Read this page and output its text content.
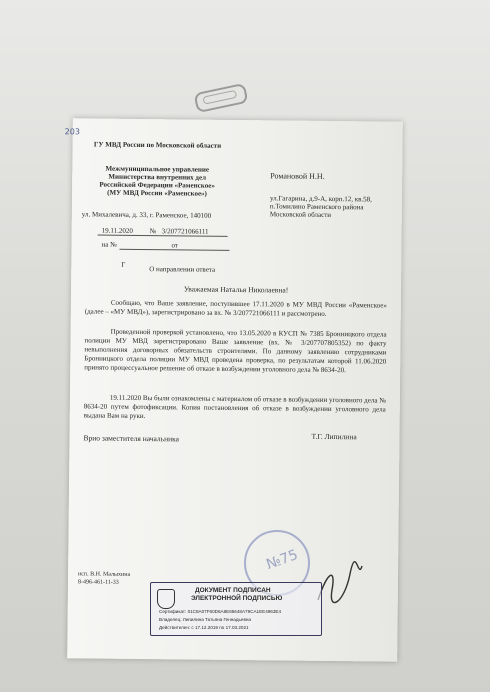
203
ГУ МВД России по Московской области
Межмуниципальное управление
Министерства внутренних дел
Российской Федерации «Раменское»
(МУ МВД России «Раменское»)
ул. Михалевича, д. 33, г. Раменское, 140100
19.11.2020 № 3/207721066111
на №	от
Г
О направлении ответа
Романовой Н.Н.
ул.Гагарина, д.9-А, корп.12, кв.58,
п.Томилино Раменского района
Московской области
Уважаемая Наталья Николаевна!
Сообщаю, что Ваше заявление, поступившее 17.11.2020 в МУ МВД России «Раменское» (далее – «МУ МВД»), зарегистрировано за вх. № 3/207721066111 и рассмотрено.
Проведенной проверкой установлено, что 13.05.2020 в КУСП № 7385 Бронницкого отдела полиции МУ МВД зарегистрировано Ваше заявление (вх. № 3/207707805352) по факту невыполнения договорных обязательств строителями. По данному заявлению сотрудниками Бронницкого отдела полиции МУ МВД проведена проверка, по результатам которой 11.06.2020 принято процессуальное решение об отказе в возбуждении уголовного дела № 8634-20.
19.11.2020 Вы были ознакомлены с материалом об отказе в возбуждении уголовного дела № 8634-20 путем фотофиксации. Копия постановления об отказе в возбуждении уголовного дела выдана Вам на руки.
Врио заместителя начальника	Т.Г. Липилина
исп. В.Н. Малыхина
8-496-461-11-33
№75
ДОКУМЕНТ ПОДПИСАН
ЭЛЕКТРОННОЙ ПОДПИСЬЮ
Сертификат: 01C8A07F60D6A8E65648A79CA1EE4963E4
Владелец: Липилина Татьяна Геннадьевна
Действителен: с 17.12.2019 по 17.03.2021
